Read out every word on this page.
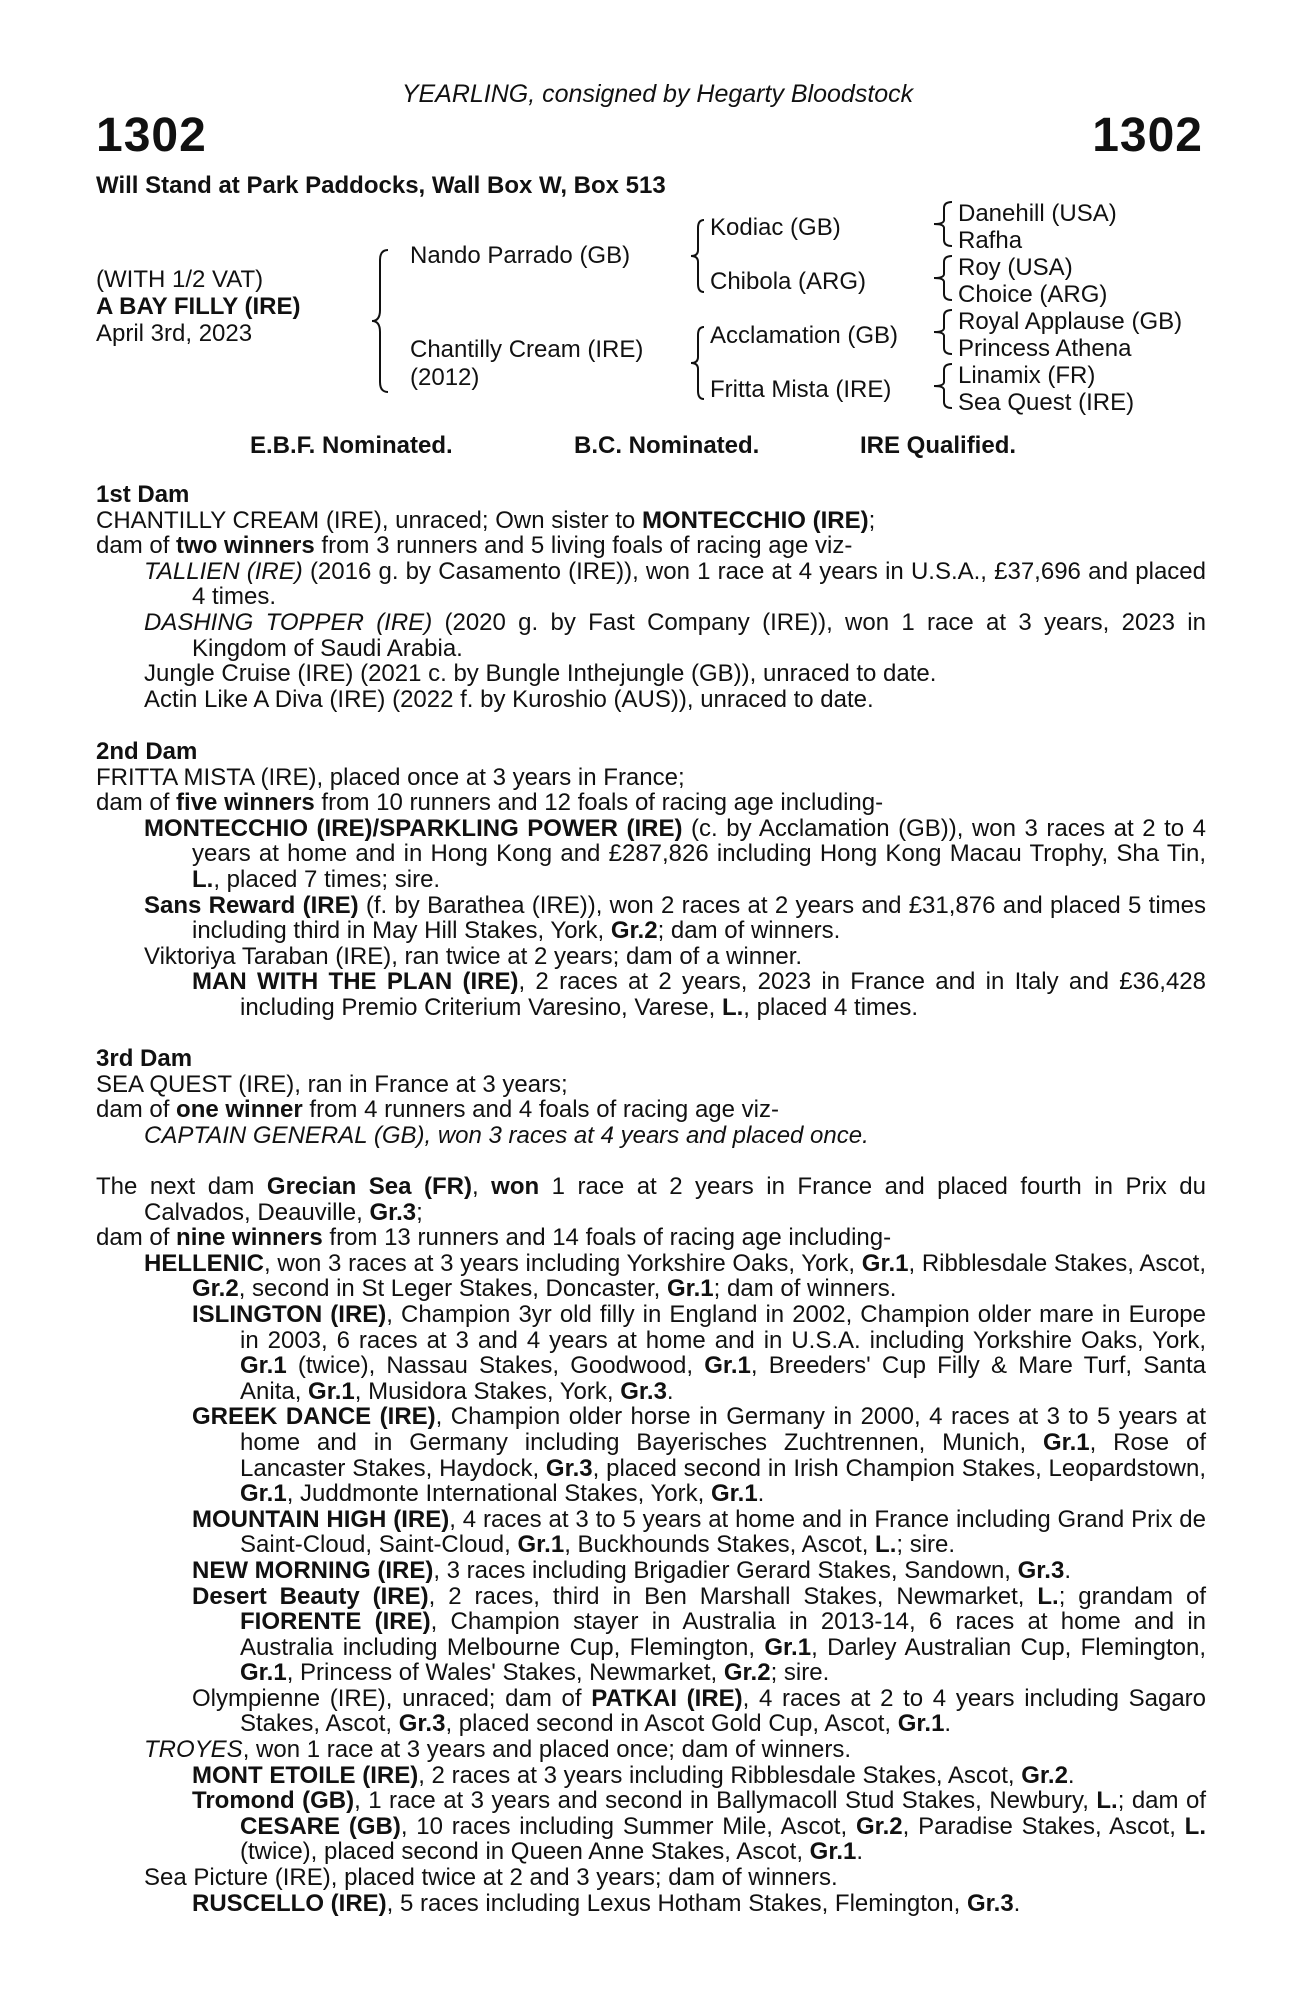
YEARLING, consigned by Hegarty Bloodstock
1302	1302
Will Stand at Park Paddocks, Wall Box W, Box 513
(WITH 1/2 VAT)
A BAY FILLY (IRE)
April 3rd, 2023
Nando Parrado (GB)
Chantilly Cream (IRE)
(2012)
Kodiac (GB)
Chibola (ARG)
Acclamation (GB)
Fritta Mista (IRE)
Danehill (USA)
Rafha
Roy (USA)
Choice (ARG)
Royal Applause (GB)
Princess Athena
Linamix (FR)
Sea Quest (IRE)
E.B.F. Nominated.	B.C. Nominated.	IRE Qualified.

1st Dam

CHANTILLY CREAM (IRE), unraced; Own sister to MONTECCHIO (IRE);

dam of two winners from 3 runners and 5 living foals of racing age viz-

TALLIEN (IRE) (2016 g. by Casamento (IRE)), won 1 race at 4 years in U.S.A., £37,696 and placed 4 times.

DASHING TOPPER (IRE) (2020 g. by Fast Company (IRE)), won 1 race at 3 years, 2023 in Kingdom of Saudi Arabia.

Jungle Cruise (IRE) (2021 c. by Bungle Inthejungle (GB)), unraced to date.

Actin Like A Diva (IRE) (2022 f. by Kuroshio (AUS)), unraced to date.

2nd Dam

FRITTA MISTA (IRE), placed once at 3 years in France;

dam of five winners from 10 runners and 12 foals of racing age including-

MONTECCHIO (IRE)/SPARKLING POWER (IRE) (c. by Acclamation (GB)), won 3 races at 2 to 4 years at home and in Hong Kong and £287,826 including Hong Kong Macau Trophy, Sha Tin, L., placed 7 times; sire.

Sans Reward (IRE) (f. by Barathea (IRE)), won 2 races at 2 years and £31,876 and placed 5 times including third in May Hill Stakes, York, Gr.2; dam of winners.

Viktoriya Taraban (IRE), ran twice at 2 years; dam of a winner.

MAN WITH THE PLAN (IRE), 2 races at 2 years, 2023 in France and in Italy and £36,428 including Premio Criterium Varesino, Varese, L., placed 4 times.

3rd Dam

SEA QUEST (IRE), ran in France at 3 years;

dam of one winner from 4 runners and 4 foals of racing age viz-

CAPTAIN GENERAL (GB), won 3 races at 4 years and placed once.

The next dam Grecian Sea (FR), won 1 race at 2 years in France and placed fourth in Prix du Calvados, Deauville, Gr.3;

dam of nine winners from 13 runners and 14 foals of racing age including-

HELLENIC, won 3 races at 3 years including Yorkshire Oaks, York, Gr.1, Ribblesdale Stakes, Ascot, Gr.2, second in St Leger Stakes, Doncaster, Gr.1; dam of winners.

ISLINGTON (IRE), Champion 3yr old filly in England in 2002, Champion older mare in Europe in 2003, 6 races at 3 and 4 years at home and in U.S.A. including Yorkshire Oaks, York, Gr.1 (twice), Nassau Stakes, Goodwood, Gr.1, Breeders' Cup Filly & Mare Turf, Santa Anita, Gr.1, Musidora Stakes, York, Gr.3.

GREEK DANCE (IRE), Champion older horse in Germany in 2000, 4 races at 3 to 5 years at home and in Germany including Bayerisches Zuchtrennen, Munich, Gr.1, Rose of Lancaster Stakes, Haydock, Gr.3, placed second in Irish Champion Stakes, Leopardstown, Gr.1, Juddmonte International Stakes, York, Gr.1.

MOUNTAIN HIGH (IRE), 4 races at 3 to 5 years at home and in France including Grand Prix de Saint-Cloud, Saint-Cloud, Gr.1, Buckhounds Stakes, Ascot, L.; sire.

NEW MORNING (IRE), 3 races including Brigadier Gerard Stakes, Sandown, Gr.3.

Desert Beauty (IRE), 2 races, third in Ben Marshall Stakes, Newmarket, L.; grandam of FIORENTE (IRE), Champion stayer in Australia in 2013-14, 6 races at home and in Australia including Melbourne Cup, Flemington, Gr.1, Darley Australian Cup, Flemington, Gr.1, Princess of Wales' Stakes, Newmarket, Gr.2; sire.

Olympienne (IRE), unraced; dam of PATKAI (IRE), 4 races at 2 to 4 years including Sagaro Stakes, Ascot, Gr.3, placed second in Ascot Gold Cup, Ascot, Gr.1.

TROYES, won 1 race at 3 years and placed once; dam of winners.

MONT ETOILE (IRE), 2 races at 3 years including Ribblesdale Stakes, Ascot, Gr.2.

Tromond (GB), 1 race at 3 years and second in Ballymacoll Stud Stakes, Newbury, L.; dam of CESARE (GB), 10 races including Summer Mile, Ascot, Gr.2, Paradise Stakes, Ascot, L. (twice), placed second in Queen Anne Stakes, Ascot, Gr.1.

Sea Picture (IRE), placed twice at 2 and 3 years; dam of winners.

RUSCELLO (IRE), 5 races including Lexus Hotham Stakes, Flemington, Gr.3.
